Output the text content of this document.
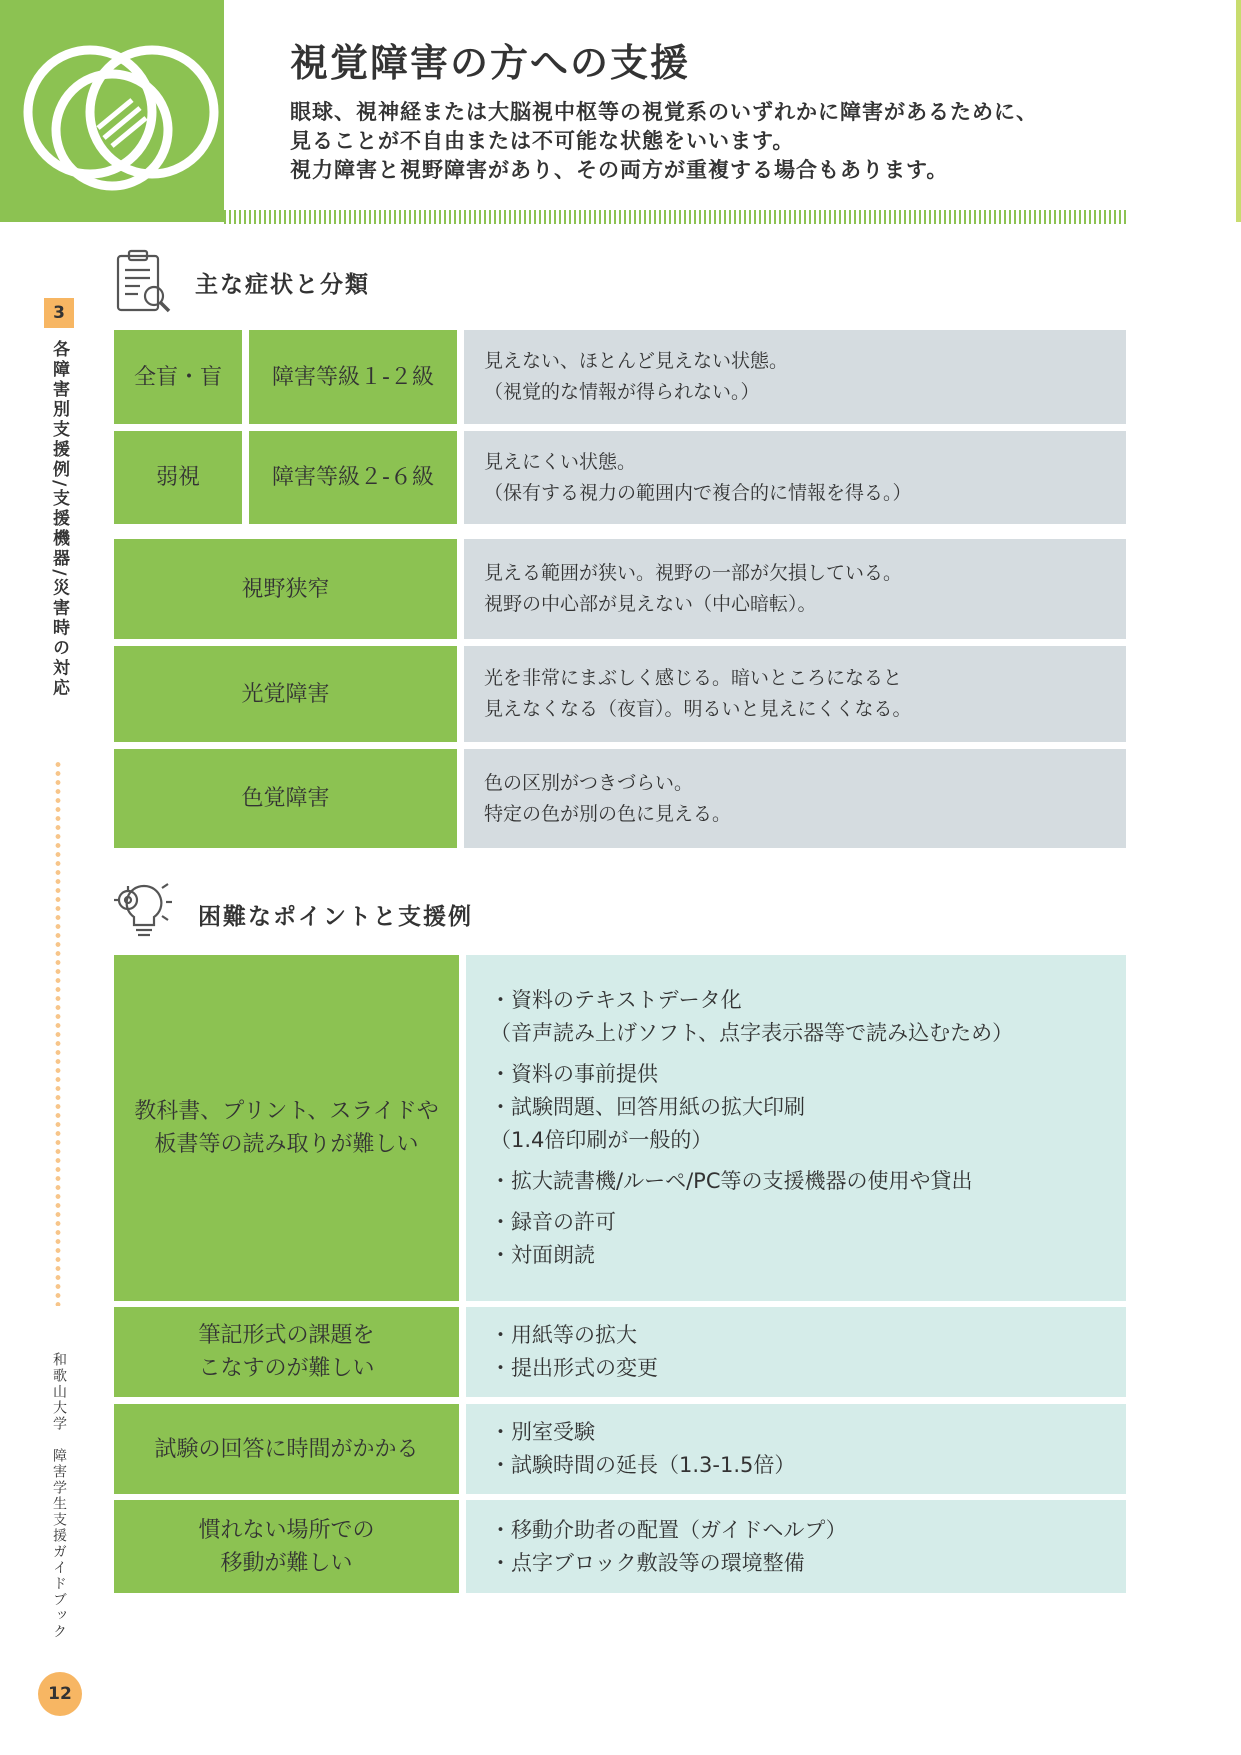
視覚障害の方への支援
眼球、視神経または大脳視中枢等の視覚系のいずれかに障害があるために、
見ることが不自由または不可能な状態をいいます。
視力障害と視野障害があり、その両方が重複する場合もあります。
3
各障害別支援例/支援機器/災害時の対応
和歌山大学　障害学生支援ガイドブック
12
主な症状と分類
全盲・盲	障害等級１-２級
見えない、ほとんど見えない状態。
（視覚的な情報が得られない。）
弱視	障害等級２-６級
見えにくい状態。
（保有する視力の範囲内で複合的に情報を得る。）
視野狭窄
見える範囲が狭い。視野の一部が欠損している。
視野の中心部が見えない（中心暗転）。
光覚障害
光を非常にまぶしく感じる。暗いところになると
見えなくなる（夜盲）。明るいと見えにくくなる。
色覚障害
色の区別がつきづらい。
特定の色が別の色に見える。
困難なポイントと支援例
教科書、プリント、スライドや
板書等の読み取りが難しい
・資料のテキストデータ化
（音声読み上げソフト、点字表示器等で読み込むため）
・資料の事前提供
・試験問題、回答用紙の拡大印刷
（1.4倍印刷が一般的）
・拡大読書機/ルーペ/PC等の支援機器の使用や貸出
・録音の許可
・対面朗読
筆記形式の課題を
こなすのが難しい
・用紙等の拡大
・提出形式の変更
試験の回答に時間がかかる
・別室受験
・試験時間の延長（1.3-1.5倍）
慣れない場所での
移動が難しい
・移動介助者の配置（ガイドヘルプ）
・点字ブロック敷設等の環境整備
